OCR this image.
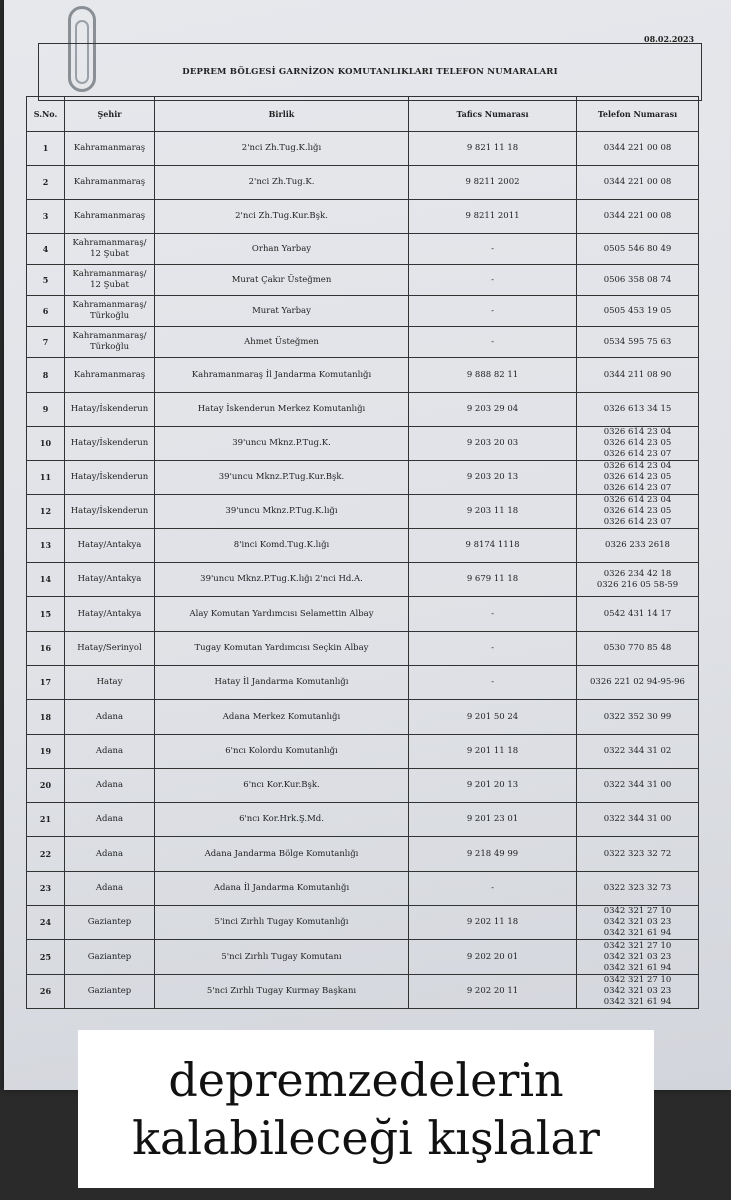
08.02.2023
DEPREM BÖLGESİ GARNİZON KOMUTANLIKLARI TELEFON NUMARALARI
S.No.	Şehir	Birlik	Tafics Numarası	Telefon Numarası
1	Kahramanmaraş	2'nci Zh.Tug.K.lığı	9 821 11 18	0344 221 00 08
2	Kahramanmaraş	2'nci Zh.Tug.K.	9 8211 2002	0344 221 00 08
3	Kahramanmaraş	2'nci Zh.Tug.Kur.Bşk.	9 8211 2011	0344 221 00 08
4	Kahramanmaraş/
12 Şubat	Orhan Yarbay	-	0505 546 80 49
5	Kahramanmaraş/
12 Şubat	Murat Çakır Üsteğmen	-	0506 358 08 74
6	Kahramanmaraş/
Türkoğlu	Murat Yarbay	-	0505 453 19 05
7	Kahramanmaraş/
Türkoğlu	Ahmet Üsteğmen	-	0534 595 75 63
8	Kahramanmaraş	Kahramanmaraş İl Jandarma Komutanlığı	9 888 82 11	0344 211 08 90
9	Hatay/İskenderun	Hatay İskenderun Merkez Komutanlığı	9 203 29 04	0326 613 34 15
10	Hatay/İskenderun	39'uncu Mknz.P.Tug.K.	9 203 20 03	0326 614 23 04
0326 614 23 05
0326 614 23 07
11	Hatay/İskenderun	39'uncu Mknz.P.Tug.Kur.Bşk.	9 203 20 13	0326 614 23 04
0326 614 23 05
0326 614 23 07
12	Hatay/İskenderun	39'uncu Mknz.P.Tug.K.lığı	9 203 11 18	0326 614 23 04
0326 614 23 05
0326 614 23 07
13	Hatay/Antakya	8'inci Komd.Tug.K.lığı	9 8174 1118	0326 233 2618
14	Hatay/Antakya	39'uncu Mknz.P.Tug.K.lığı 2'nci Hd.A.	9 679 11 18	0326 234 42 18
0326 216 05 58-59
15	Hatay/Antakya	Alay Komutan Yardımcısı Selamettin Albay	-	0542 431 14 17
16	Hatay/Serinyol	Tugay Komutan Yardımcısı Seçkin Albay	-	0530 770 85 48
17	Hatay	Hatay İl Jandarma Komutanlığı	-	0326 221 02 94-95-96
18	Adana	Adana Merkez Komutanlığı	9 201 50 24	0322 352 30 99
19	Adana	6'ncı Kolordu Komutanlığı	9 201 11 18	0322 344 31 02
20	Adana	6'ncı Kor.Kur.Bşk.	9 201 20 13	0322 344 31 00
21	Adana	6'ncı Kor.Hrk.Ş.Md.	9 201 23 01	0322 344 31 00
22	Adana	Adana Jandarma Bölge Komutanlığı	9 218 49 99	0322 323 32 72
23	Adana	Adana İl Jandarma Komutanlığı	-	0322 323 32 73
24	Gaziantep	5'inci Zırhlı Tugay Komutanlığı	9 202 11 18	0342 321 27 10
0342 321 03 23
0342 321 61 94
25	Gaziantep	5'nci Zırhlı Tugay Komutanı	9 202 20 01	0342 321 27 10
0342 321 03 23
0342 321 61 94
26	Gaziantep	5'nci Zırhlı Tugay Kurmay Başkanı	9 202 20 11	0342 321 27 10
0342 321 03 23
0342 321 61 94
depremzedelerin
kalabileceği kışlalar
